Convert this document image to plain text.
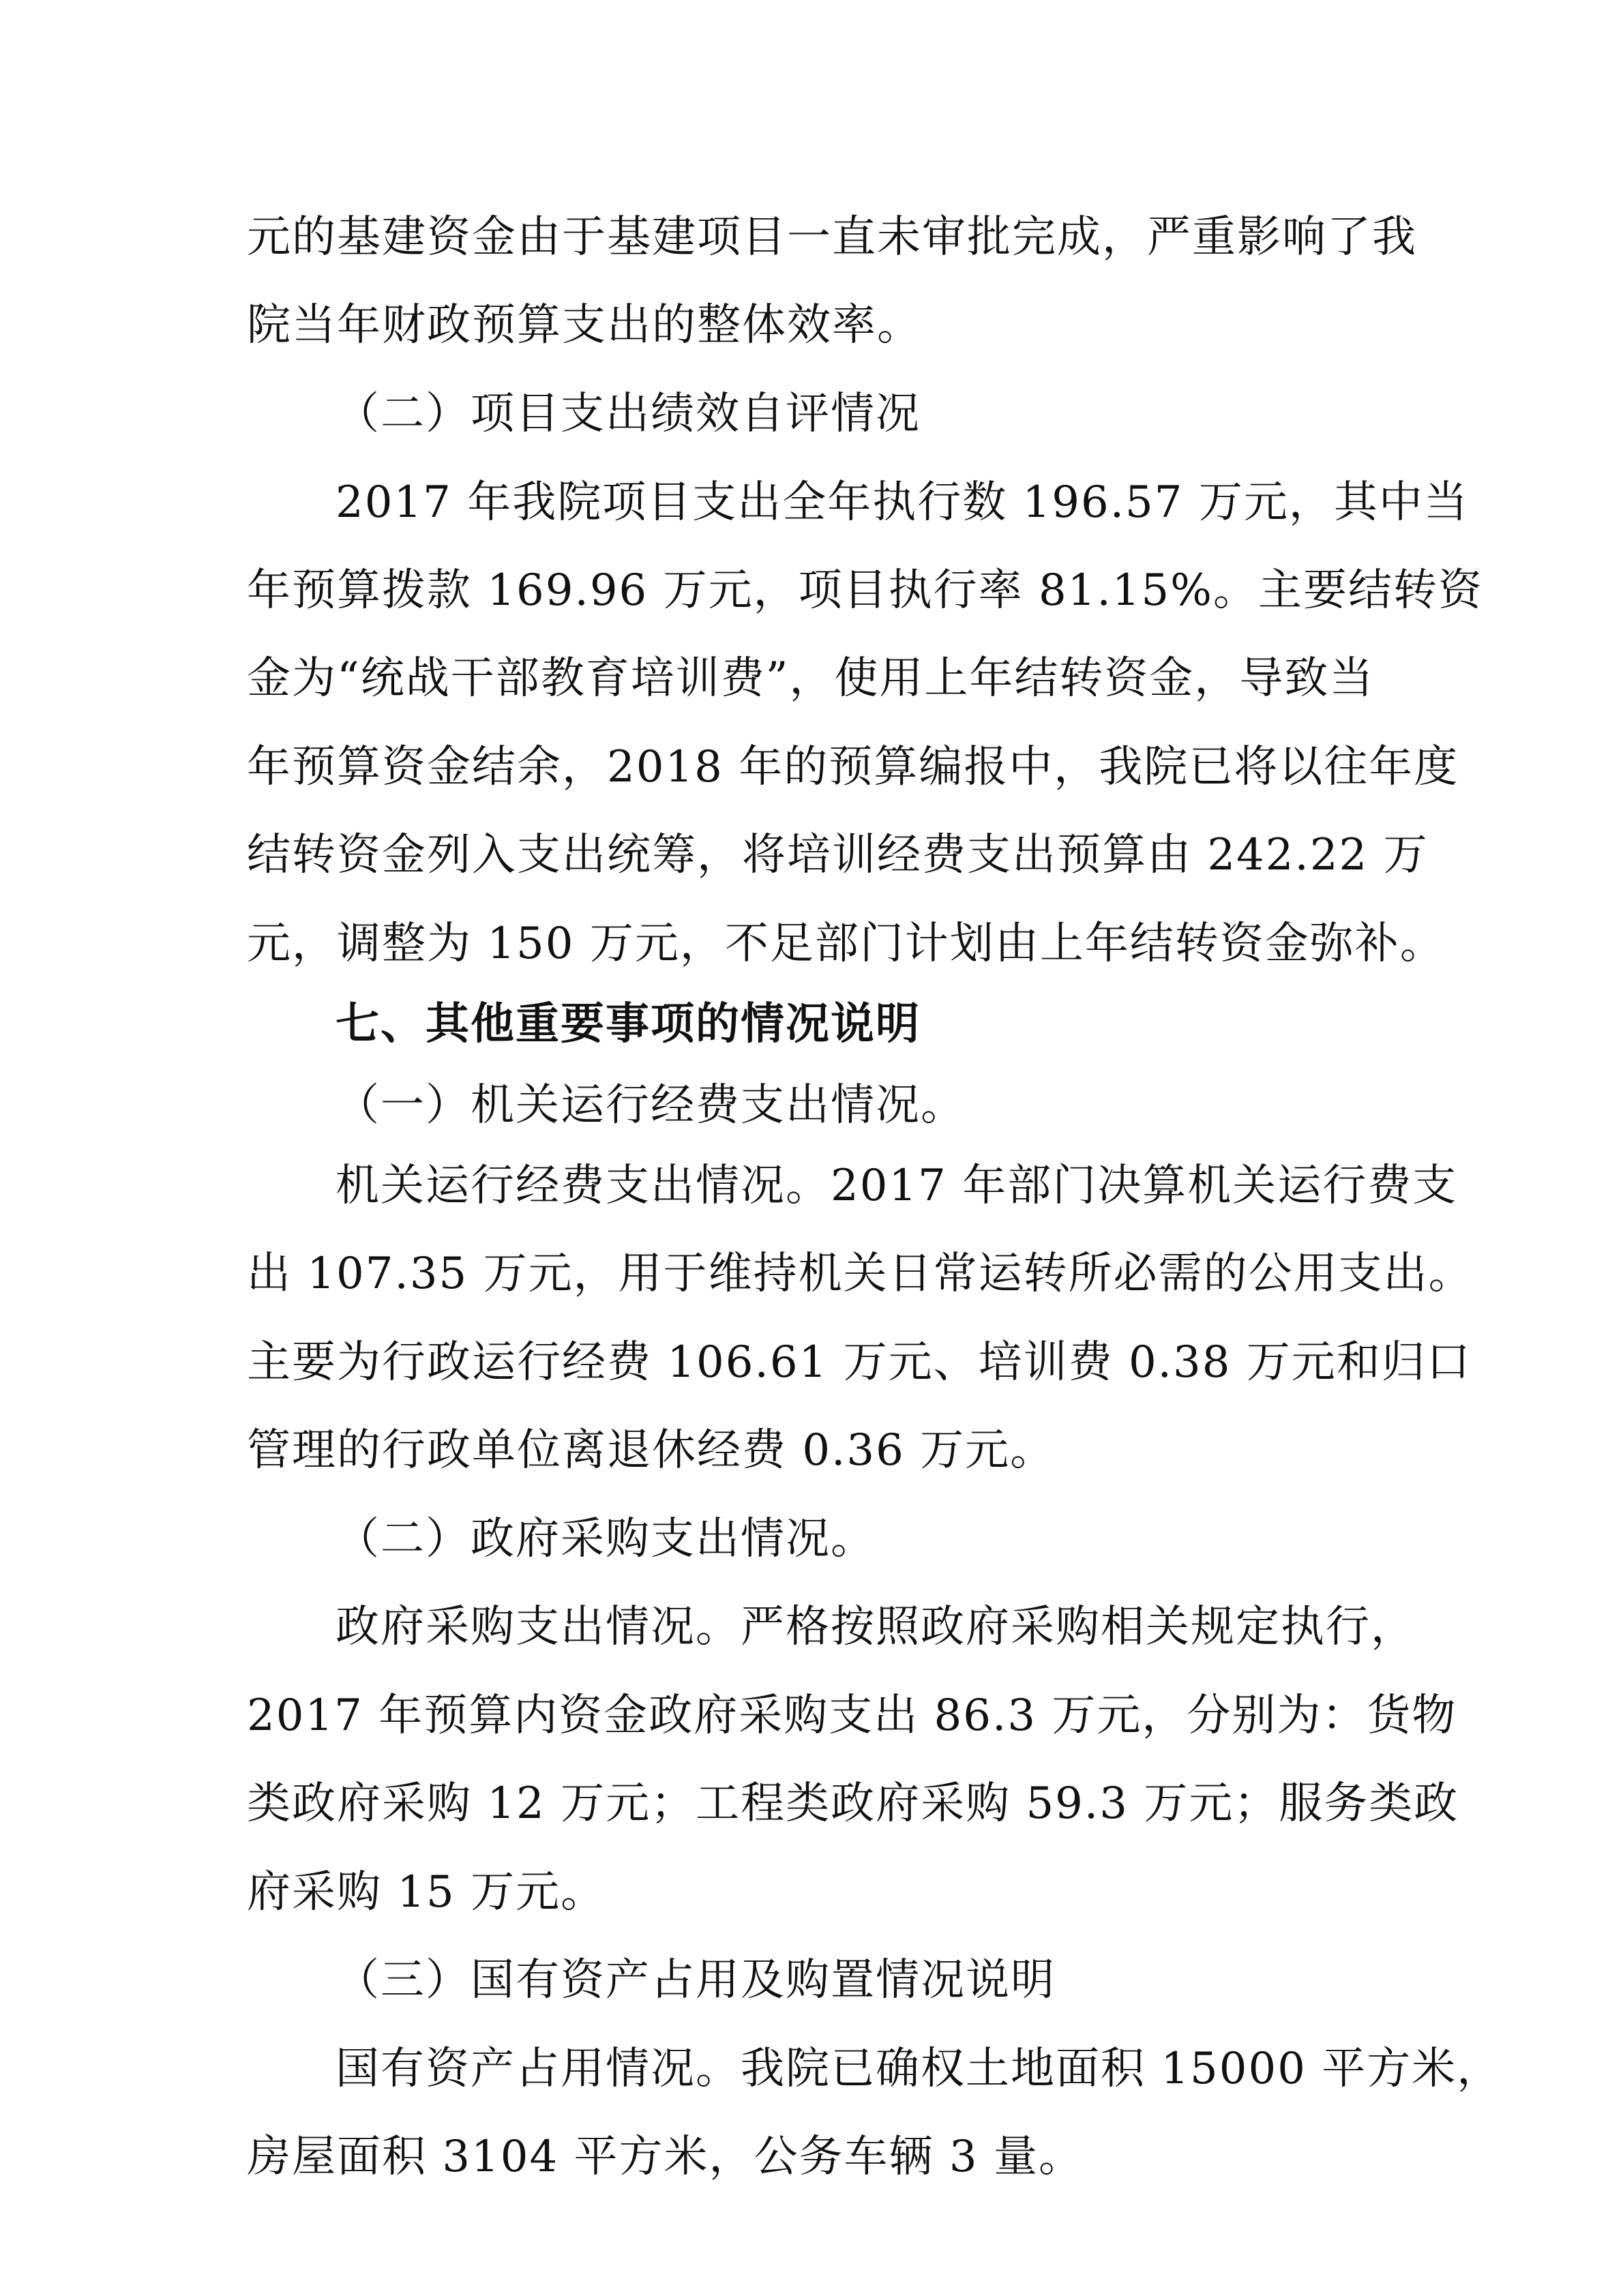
元的基建资金由于基建项目一直未审批完成，严重影响了我
院当年财政预算支出的整体效率。
（二）项目支出绩效自评情况
2017 年我院项目支出全年执行数 196.57 万元，其中当
年预算拨款 169.96 万元，项目执行率 81.15%。主要结转资
金为“统战干部教育培训费”，使用上年结转资金，导致当
年预算资金结余，2018 年的预算编报中，我院已将以往年度
结转资金列入支出统筹，将培训经费支出预算由 242.22 万
元，调整为 150 万元，不足部门计划由上年结转资金弥补。
七、其他重要事项的情况说明
（一）机关运行经费支出情况。
机关运行经费支出情况。2017 年部门决算机关运行费支
出 107.35 万元，用于维持机关日常运转所必需的公用支出。
主要为行政运行经费 106.61 万元、培训费 0.38 万元和归口
管理的行政单位离退休经费 0.36 万元。
（二）政府采购支出情况。
政府采购支出情况。严格按照政府采购相关规定执行，
2017 年预算内资金政府采购支出 86.3 万元，分别为：货物
类政府采购 12 万元；工程类政府采购 59.3 万元；服务类政
府采购 15 万元。
（三）国有资产占用及购置情况说明
国有资产占用情况。我院已确权土地面积 15000 平方米，
房屋面积 3104 平方米，公务车辆 3 量。
